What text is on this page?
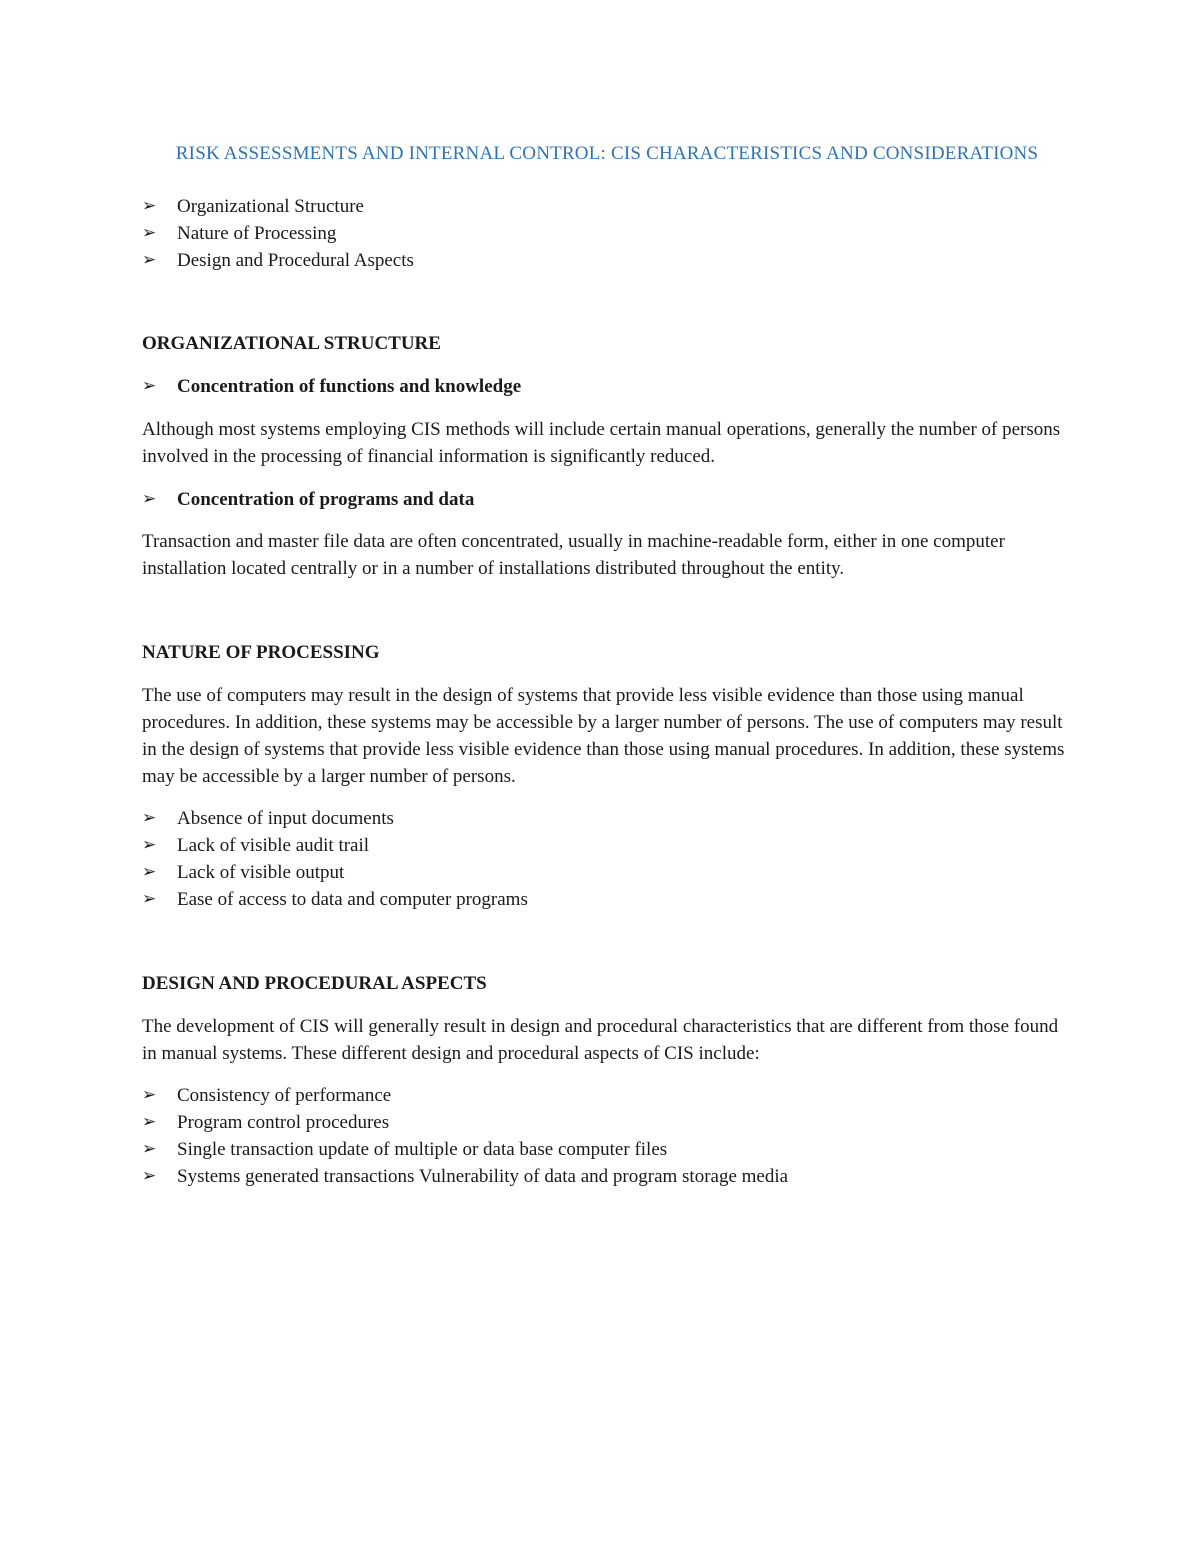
RISK ASSESSMENTS AND INTERNAL CONTROL: CIS CHARACTERISTICS AND CONSIDERATIONS
➢ Organizational Structure
➢ Nature of Processing
➢ Design and Procedural Aspects
ORGANIZATIONAL STRUCTURE
➢ Concentration of functions and knowledge

Although most systems employing CIS methods will include certain manual operations, generally the number of persons involved in the processing of financial information is significantly reduced.

➢ Concentration of programs and data

Transaction and master file data are often concentrated, usually in machine-readable form, either in one computer installation located centrally or in a number of installations distributed throughout the entity.

NATURE OF PROCESSING

The use of computers may result in the design of systems that provide less visible evidence than those using manual procedures. In addition, these systems may be accessible by a larger number of persons. The use of computers may result in the design of systems that provide less visible evidence than those using manual procedures. In addition, these systems may be accessible by a larger number of persons.

➢ Absence of input documents
➢ Lack of visible audit trail
➢ Lack of visible output
➢ Ease of access to data and computer programs
DESIGN AND PROCEDURAL ASPECTS

The development of CIS will generally result in design and procedural characteristics that are different from those found in manual systems. These different design and procedural aspects of CIS include:

➢ Consistency of performance
➢ Program control procedures
➢ Single transaction update of multiple or data base computer files
➢ Systems generated transactions Vulnerability of data and program storage media
